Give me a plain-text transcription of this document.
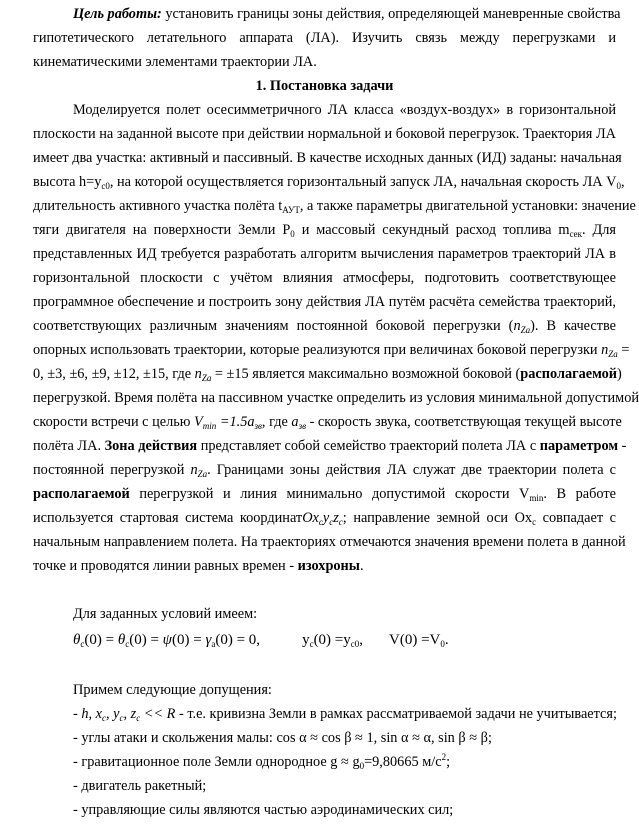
Цель работы: установить границы зоны действия, определяющей маневренные свойства
гипотетического летательного аппарата (ЛА). Изучить связь между перегрузками и
кинематическими элементами траектории ЛА.
1. Постановка задачи
Моделируется полет осесимметричного ЛА класса «воздух-воздух» в горизонтальной
плоскости на заданной высоте при действии нормальной и боковой перегрузок. Траектория ЛА
имеет два участка: активный и пассивный. В качестве исходных данных (ИД) заданы: начальная
высота $h=y_{c0}$, на которой осуществляется горизонтальный запуск ЛА, начальная скорость ЛА $V_0$,
длительность активного участка полёта $t_{АУТ}$, а также параметры двигательной установки: значение
тяги двигателя на поверхности Земли $P_0$ и массовый секундный расход топлива $m_{сек}$. Для
представленных ИД требуется разработать алгоритм вычисления параметров траекторий ЛА в
горизонтальной плоскости с учётом влияния атмосферы, подготовить соответствующее
программное обеспечение и построить зону действия ЛА путём расчёта семейства траекторий,
соответствующих различным значениям постоянной боковой перегрузки $(n_{Za})$. В качестве
опорных использовать траектории, которые реализуются при величинах боковой перегрузки $n_{Za}$ =
0, ±3, ±6, ±9, ±12, ±15, где $n_{Za} = \pm 15$ является максимально возможной боковой (располагаемой)
перегрузкой. Время полёта на пассивном участке определить из условия минимальной допустимой
скорости встречи с целью $V_{min} =1.5a_{зв}$, где $a_{зв}$ - скорость звука, соответствующая текущей высоте
полёта ЛА. Зона действия представляет собой семейство траекторий полета ЛА с параметром -
постоянной перегрузкой $n_{Za}$. Границами зоны действия ЛА служат две траектории полета с
располагаемой перегрузкой и линия минимально допустимой скорости $V_{min}$. В работе
используется стартовая система $координатOx_cy_cz_c$; направление земной оси $Ox_c$ совпадает с
начальным направлением полета. На траекториях отмечаются значения времени полета в данной
точке и проводятся линии равных времен - изохроны.
Для заданных условий имеем:
$\theta_c(0) = \theta_c(0) = \psi(0) = \gamma_a(0) = 0$,	$y_c(0) =y_{c0}$, $V(0) =V_0$.
Примем следующие допущения:
- h, $x_c$, $y_c$, $z_c << R - т.е$. кривизна Земли в рамках рассматриваемой задачи не учитывается;
- углы атаки и скольжения малы: cos α ≈ cos β ≈ 1, sin α ≈ α, sin β ≈ β;
- гравитационное поле Земли однородное $g \approx g_0=9,80665$ $м/с^2$;
- двигатель ракетный;
- управляющие силы являются частью аэродинамических сил;
